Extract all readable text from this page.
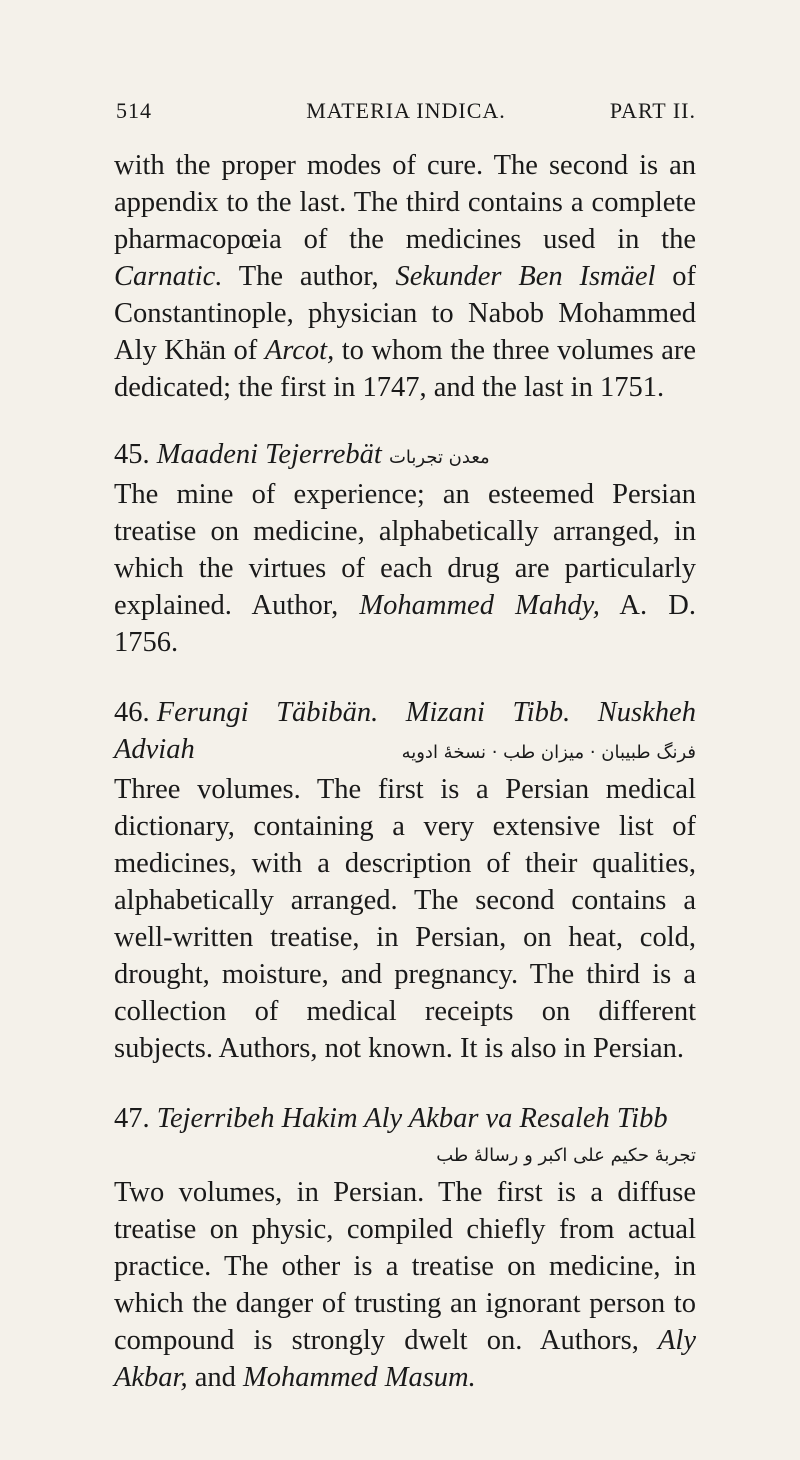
514	MATERIA INDICA.	PART II.

with the proper modes of cure. The second is an appendix to the last. The third contains a complete pharmacopœia of the medicines used in the Carnatic. The author, Sekunder Ben Ismäel of Constantinople, physician to Nabob Mohammed Aly Khän of Arcot, to whom the three volumes are dedicated; the first in 1747, and the last in 1751.

45. Maadeni Tejerrebät معدن تجربات

The mine of experience; an esteemed Persian treatise on medicine, alphabetically arranged, in which the virtues of each drug are particularly explained. Author, Mohammed Mahdy, A. D. 1756.

46. Ferungi Täbibän. Mizani Tibb. Nuskheh
Adviah	فرنگ طبیبان · میزان طب · نسخهٔ ادویه

Three volumes. The first is a Persian medical dictionary, containing a very extensive list of medicines, with a description of their qualities, alphabetically arranged. The second contains a well-written treatise, in Persian, on heat, cold, drought, moisture, and pregnancy. The third is a collection of medical receipts on different subjects. Authors, not known. It is also in Persian.

47. Tejerribeh Hakim Aly Akbar va Resaleh Tibb

تجربهٔ حکیم علی اکبر و رسالهٔ طب

Two volumes, in Persian. The first is a diffuse treatise on physic, compiled chiefly from actual practice. The other is a treatise on medicine, in which the danger of trusting an ignorant person to compound is strongly dwelt on. Authors, Aly Akbar, and Mohammed Masum.
